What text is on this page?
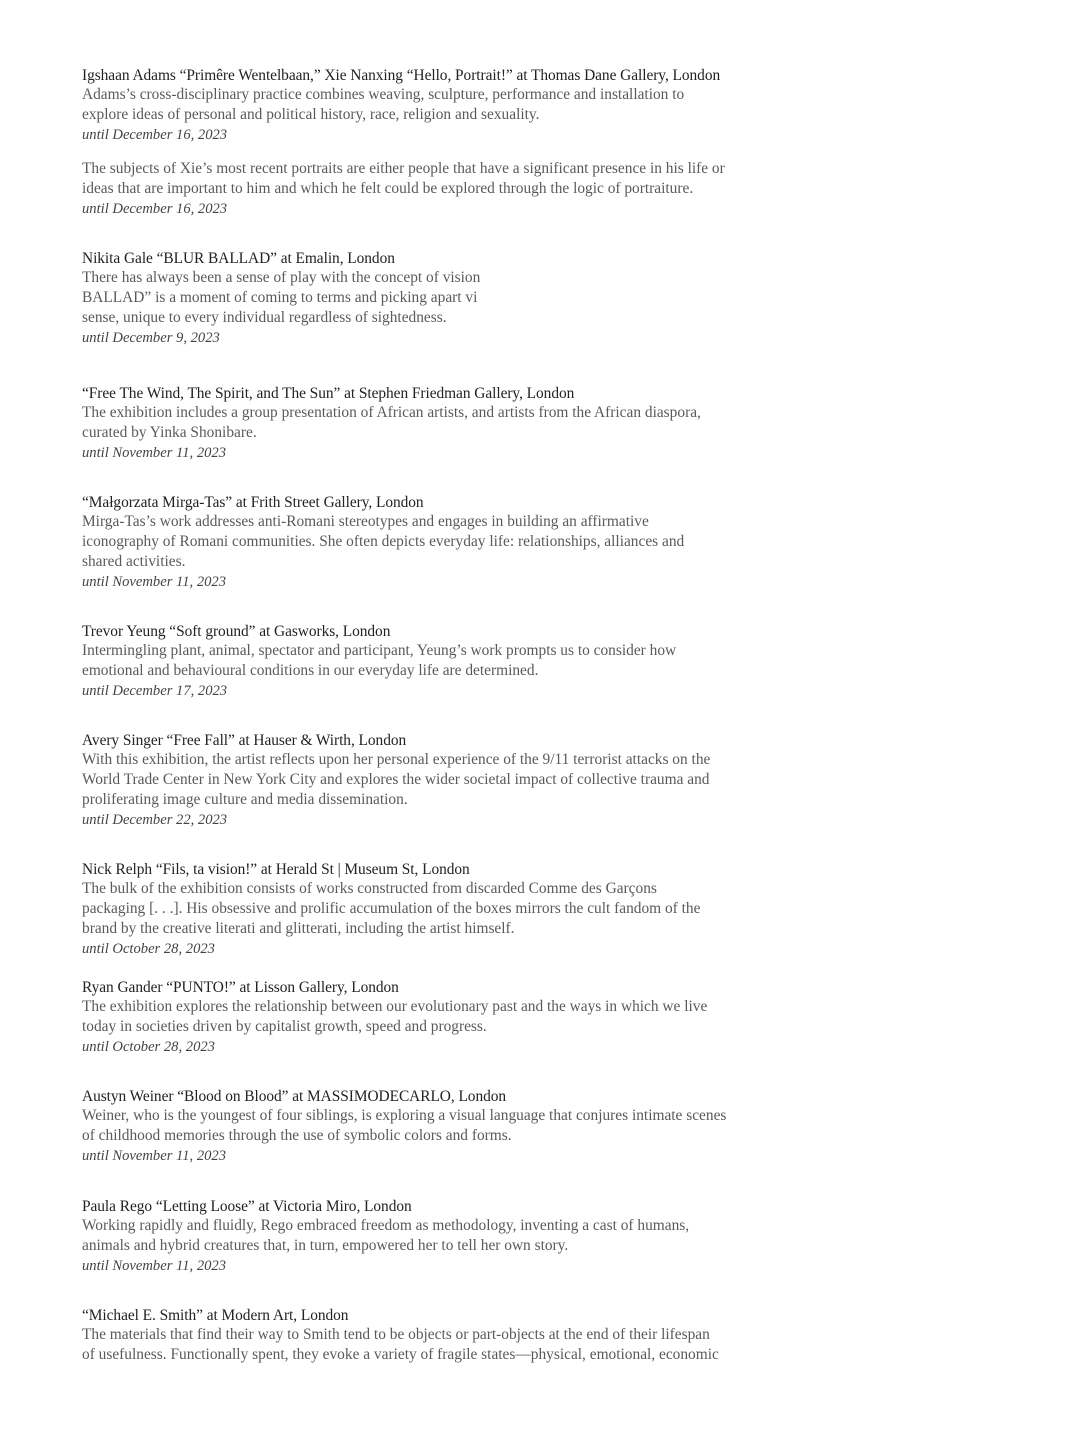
Igshaan Adams “Primêre Wentelbaan,” Xie Nanxing “Hello, Portrait!” at Thomas Dane Gallery, London
Adams’s cross-disciplinary practice combines weaving, sculpture, performance and installation to
explore ideas of personal and political history, race, religion and sexuality.
until December 16, 2023
The subjects of Xie’s most recent portraits are either people that have a significant presence in his life or
ideas that are important to him and which he felt could be explored through the logic of portraiture.
until December 16, 2023
Nikita Gale “BLUR BALLAD” at Emalin, London
There has always been a sense of play with the concept of vision
BALLAD” is a moment of coming to terms and picking apart vi
sense, unique to every individual regardless of sightedness.
until December 9, 2023
“Free The Wind, The Spirit, and The Sun” at Stephen Friedman Gallery, London
The exhibition includes a group presentation of African artists, and artists from the African diaspora,
curated by Yinka Shonibare.
until November 11, 2023
“Małgorzata Mirga-Tas” at Frith Street Gallery, London
Mirga-Tas’s work addresses anti-Romani stereotypes and engages in building an affirmative
iconography of Romani communities. She often depicts everyday life: relationships, alliances and
shared activities.
until November 11, 2023
Trevor Yeung “Soft ground” at Gasworks, London
Intermingling plant, animal, spectator and participant, Yeung’s work prompts us to consider how
emotional and behavioural conditions in our everyday life are determined.
until December 17, 2023
Avery Singer “Free Fall” at Hauser & Wirth, London
With this exhibition, the artist reflects upon her personal experience of the 9/11 terrorist attacks on the
World Trade Center in New York City and explores the wider societal impact of collective trauma and
proliferating image culture and media dissemination.
until December 22, 2023
Nick Relph “Fils, ta vision!” at Herald St | Museum St, London
The bulk of the exhibition consists of works constructed from discarded Comme des Garçons
packaging [. . .]. His obsessive and prolific accumulation of the boxes mirrors the cult fandom of the
brand by the creative literati and glitterati, including the artist himself.
until October 28, 2023
Ryan Gander “PUNTO!” at Lisson Gallery, London
The exhibition explores the relationship between our evolutionary past and the ways in which we live
today in societies driven by capitalist growth, speed and progress.
until October 28, 2023
Austyn Weiner “Blood on Blood” at MASSIMODECARLO, London
Weiner, who is the youngest of four siblings, is exploring a visual language that conjures intimate scenes
of childhood memories through the use of symbolic colors and forms.
until November 11, 2023
Paula Rego “Letting Loose” at Victoria Miro, London
Working rapidly and fluidly, Rego embraced freedom as methodology, inventing a cast of humans,
animals and hybrid creatures that, in turn, empowered her to tell her own story.
until November 11, 2023
“Michael E. Smith” at Modern Art, London
The materials that find their way to Smith tend to be objects or part-objects at the end of their lifespan
of usefulness. Functionally spent, they evoke a variety of fragile states—physical, emotional, economic
